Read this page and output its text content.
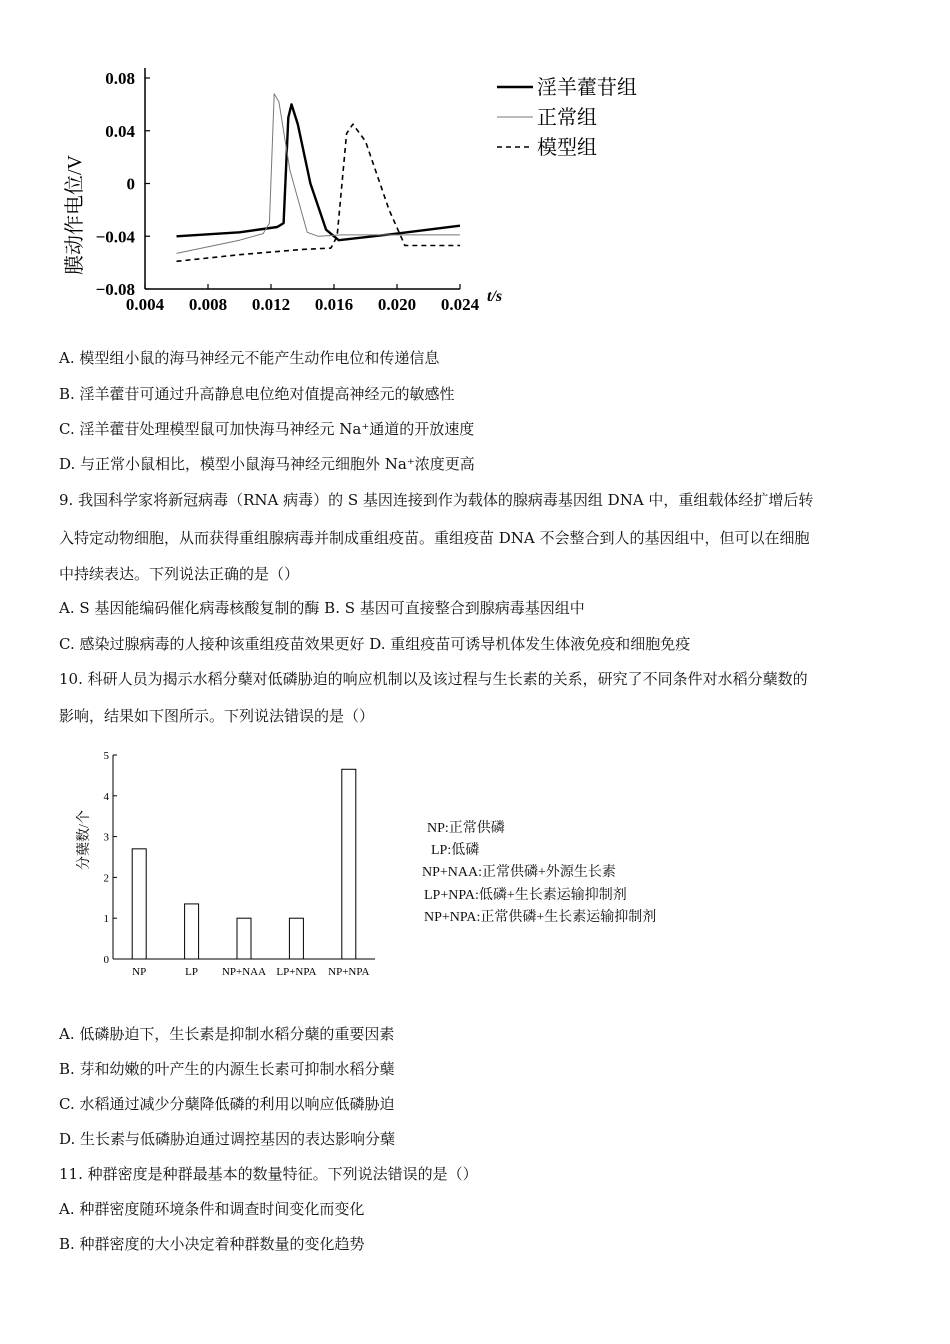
0.004 0.008 0.012 0.016 0.020 0.024
0.08
0.04
0
−0.04
−0.08
淫羊藿苷组
正常组
模型组
膜动作电位/V
t/s
0
1
2
3
4
5
NP	LP NP+NAA LP+NPA NP+NPA
分蘖数/个	NP:正常供磷
LP:低磷
NP+NAA:正常供磷+外源生长素
LP+NPA:低磷+生长素运输抑制剂
NP+NPA:正常供磷+生长素运输抑制剂
A. 模型组小鼠的海马神经元不能产生动作电位和传递信息
B. 淫羊藿苷可通过升高静息电位绝对值提高神经元的敏感性
C. 淫羊藿苷处理模型鼠可加快海马神经元 Na⁺通道的开放速度
D. 与正常小鼠相比，模型小鼠海马神经元细胞外 Na⁺浓度更高
9. 我国科学家将新冠病毒（RNA 病毒）的 S 基因连接到作为载体的腺病毒基因组 DNA 中，重组载体经扩增后转
入特定动物细胞，从而获得重组腺病毒并制成重组疫苗。重组疫苗 DNA 不会整合到人的基因组中，但可以在细胞
中持续表达。下列说法正确的是（）
A. S 基因能编码催化病毒核酸复制的酶 B. S 基因可直接整合到腺病毒基因组中
C. 感染过腺病毒的人接种该重组疫苗效果更好 D. 重组疫苗可诱导机体发生体液免疫和细胞免疫
10. 科研人员为揭示水稻分蘖对低磷胁迫的响应机制以及该过程与生长素的关系，研究了不同条件对水稻分蘖数的
影响，结果如下图所示。下列说法错误的是（）
A. 低磷胁迫下，生长素是抑制水稻分蘖的重要因素
B. 芽和幼嫩的叶产生的内源生长素可抑制水稻分蘖
C. 水稻通过减少分蘖降低磷的利用以响应低磷胁迫
D. 生长素与低磷胁迫通过调控基因的表达影响分蘖
11. 种群密度是种群最基本的数量特征。下列说法错误的是（）
A. 种群密度随环境条件和调查时间变化而变化
B. 种群密度的大小决定着种群数量的变化趋势
